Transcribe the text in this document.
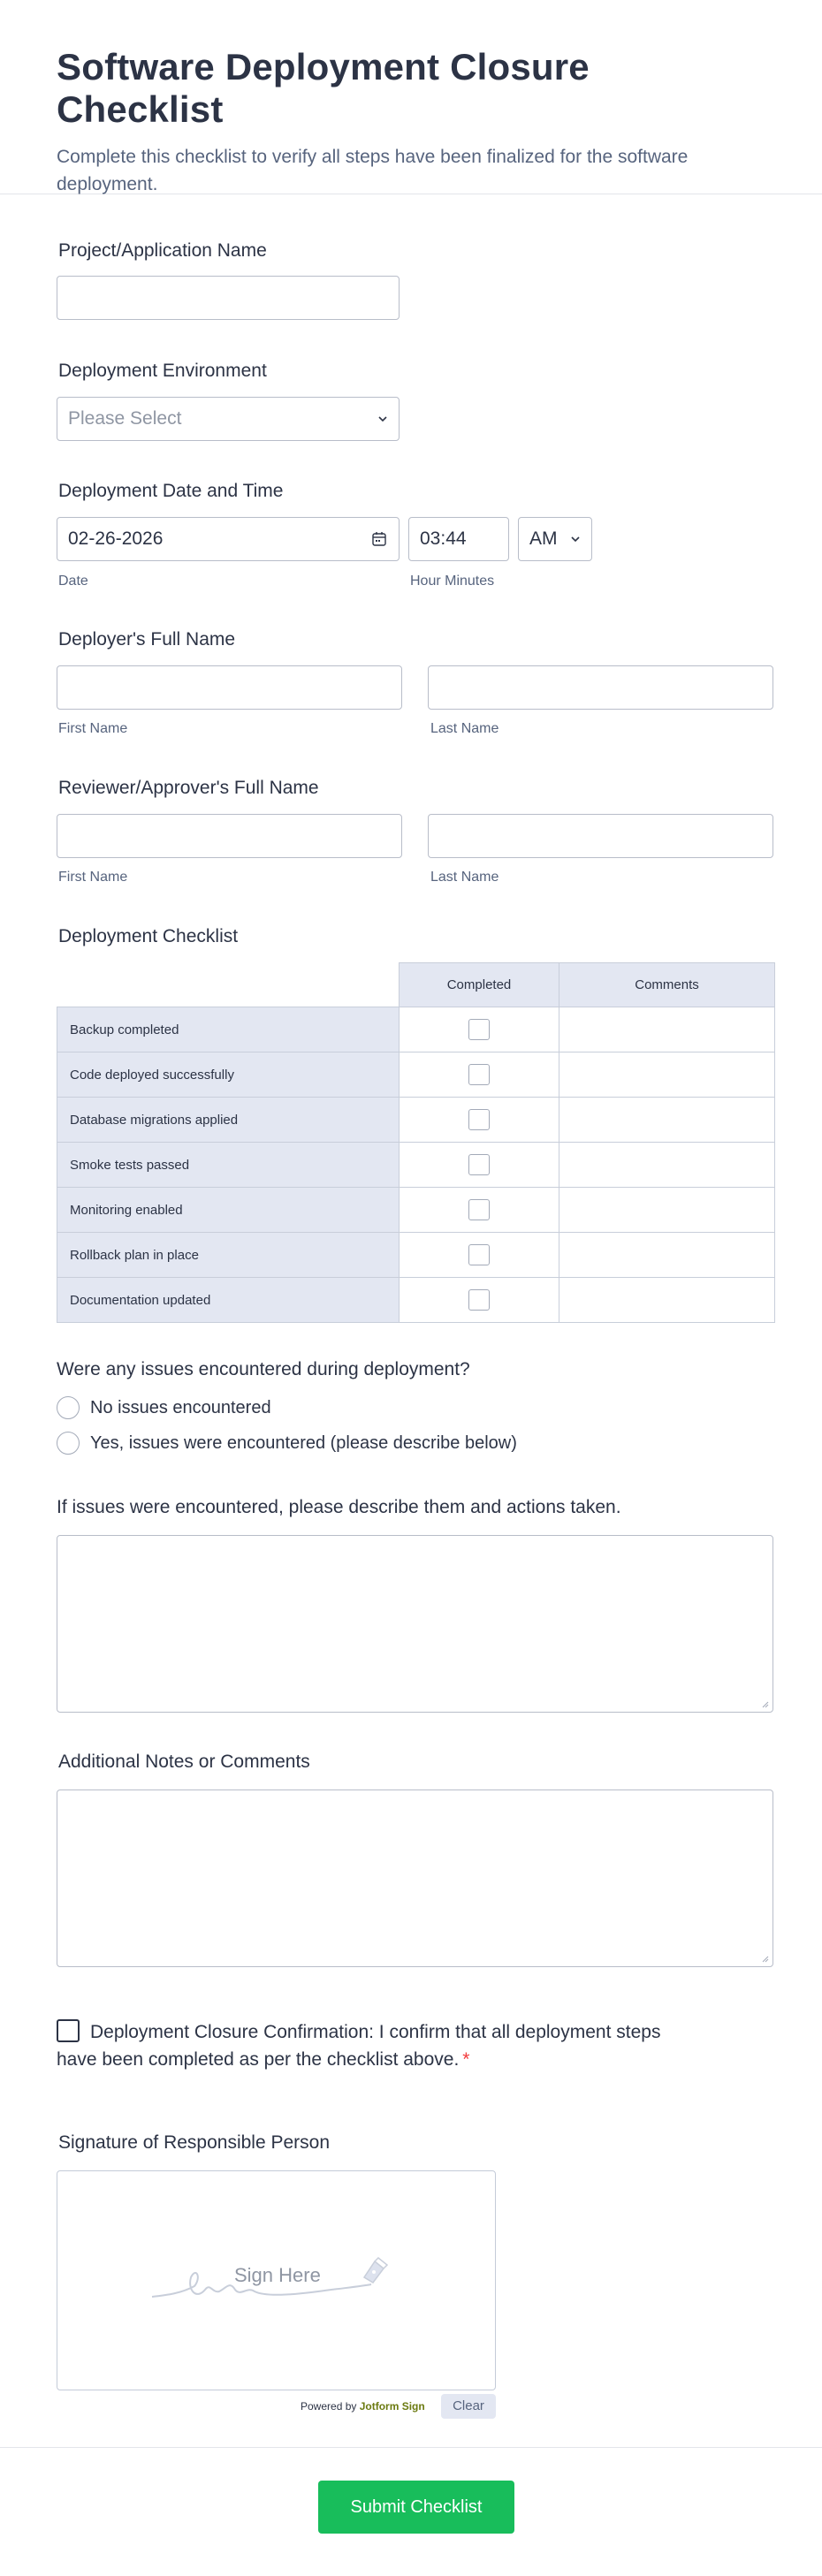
Software Deployment Closure Checklist

Complete this checklist to verify all steps have been finalized for the software deployment.

Project/Application Name
Deployment Environment
Please Select
Deployment Date and Time
02-26-2026	03:44	AM
Date	Hour Minutes
Deployer's Full Name
First Name	Last Name
Reviewer/Approver's Full Name
First Name	Last Name
Deployment Checklist
	Completed	Comments
Backup completed		
Code deployed successfully		
Database migrations applied		
Smoke tests passed		
Monitoring enabled		
Rollback plan in place		
Documentation updated		
Were any issues encountered during deployment?
No issues encountered
Yes, issues were encountered (please describe below)
If issues were encountered, please describe them and actions taken.
Additional Notes or Comments
Deployment Closure Confirmation: I confirm that all deployment steps have been completed as per the checklist above. *
Signature of Responsible Person
Sign Here
Powered by Jotform Sign	Clear
Submit Checklist
